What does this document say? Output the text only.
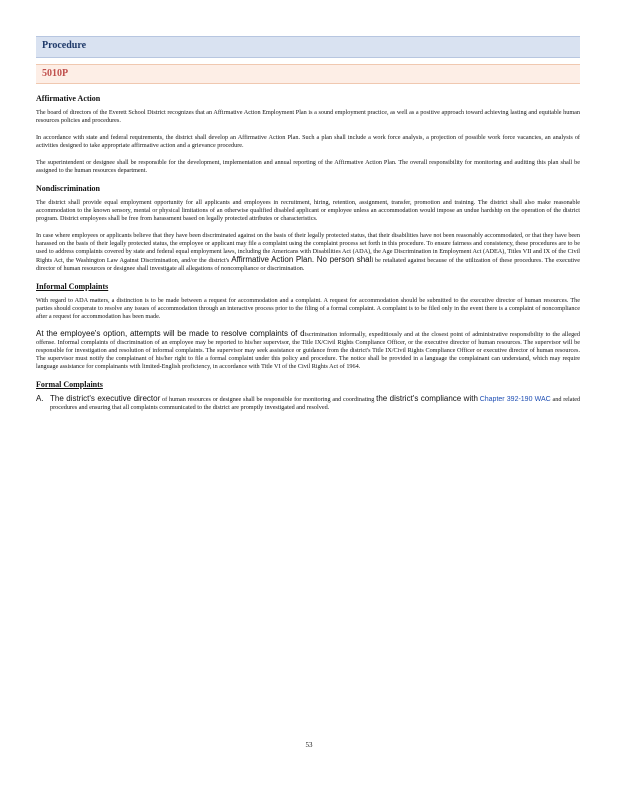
Procedure
5010P
Affirmative Action

The board of directors of the Everett School District recognizes that an Affirmative Action Employment Plan is a sound employment practice, as well as a positive approach toward achieving lasting and equitable human resources policies and procedures.

In accordance with state and federal requirements, the district shall develop an Affirmative Action Plan. Such a plan shall include a work force analysis, a projection of possible work force vacancies, an analysis of activities designed to take appropriate affirmative action and a grievance procedure.

The superintendent or designee shall be responsible for the development, implementation and annual reporting of the Affirmative Action Plan. The overall responsibility for monitoring and auditing this plan shall be assigned to the human resources department.

Nondiscrimination

The district shall provide equal employment opportunity for all applicants and employees in recruitment, hiring, retention, assignment, transfer, promotion and training. The district shall also make reasonable accommodation to the known sensory, mental or physical limitations of an otherwise qualified disabled applicant or employee unless an accommodation would impose an undue hardship on the operation of the district program. District employees shall be free from harassment based on legally protected attributes or characteristics.

In case where employees or applicants believe that they have been discriminated against on the basis of their legally protected status, that their disabilities have not been reasonably accommodated, or that they have been harassed on the basis of their legally protected status, the employee or applicant may file a complaint using the complaint process set forth in this procedure. To ensure fairness and consistency, these procedures are to be used to address complaints covered by state and federal equal employment laws, including the Americans with Disabilities Act (ADA), the Age Discrimination in Employment Act (ADEA), Titles VII and IX of the Civil Rights Act, the Washington Law Against Discrimination, and/or the district's Affirmative Action Plan. No person shall be retaliated against because of the utilization of these procedures. The executive director of human resources or designee shall investigate all allegations of noncompliance or discrimination.

Informal Complaints

With regard to ADA matters, a distinction is to be made between a request for accommodation and a complaint. A request for accommodation should be submitted to the executive director of human resources. The parties should cooperate to resolve any issues of accommodation through an interactive process prior to the filing of a formal complaint. A complaint is to be filed only in the event there is a complaint of noncompliance after a request for accommodation has been made.

At the employee's option, attempts will be made to resolve complaints of discrimination informally, expeditiously and at the closest point of administrative responsibility to the alleged offense. Informal complaints of discrimination of an employee may be reported to his/her supervisor, the Title IX/Civil Rights Compliance Officer, or the executive director of human resources. The supervisor will be responsible for investigation and resolution of informal complaints. The supervisor may seek assistance or guidance from the district's Title IX/Civil Rights Compliance Officer or executive director of human resources. The supervisor must notify the complainant of his/her right to file a formal complaint under this policy and procedure. The notice shall be provided in a language the complainant can understand, which may require language assistance for complainants with limited-English proficiency, in accordance with Title VI of the Civil Rights Act of 1964.

Formal Complaints
A. The district's executive director of human resources or designee shall be responsible for monitoring and coordinating the district's compliance with Chapter 392-190 WAC and related procedures and ensuring that all complaints communicated to the district are promptly investigated and resolved.
53
